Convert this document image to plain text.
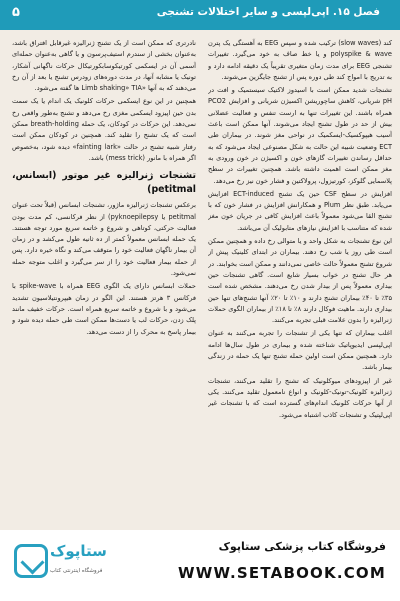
فصل ۱۵. اپی‌لپسی و سایر اختلالات تشنجی
۵

کند (slow waves) ترکیب شده و سپس EEG به آهستگی یک پترن polyspike & wave و یا خط صاف به خود می‌گیرد. تغییرات تشنجی EEG برای مدت زمان متغیری تقریباً یک دقیقه ادامه دارد و به تدریج با امواج کند طی دوره پس از تشنج جایگزین می‌شوند.

تشنجات شدید ممکن است با اسیدوز لاکتیک سیستمیک و افت در pH شریانی، کاهش ساچوریشن اکسیژن شریانی و افزایش PCO2 همراه باشند. این تغییرات تنها به ارست تنفس و فعالیت عضلانی بیش از حد در طول تشنج ایجاد می‌شوند. آنها ممکن است باعث آسیب هیپوکسیک-ایسکمیک در نواحی مغز شوند. در بیماران طی ECT وضعیت شبیه این حالت به شکل مصنوعی ایجاد می‌شود که به حداقل رساندن تغییرات گازهای خون و اکسیژن در خون ورودی به مغز ممکن است اهمیت داشته باشد. همچنین تغییرات در سطح پلاسمایی گلوکز، کورتیزول، پرولاکتین و فشار خون نیز رخ می‌دهد.

افزایش در سطح CSF حین یک تشنج ECT-induced افزایش می‌یابد. طبق نظر Plum و همکارانش افزایش در فشار خون که با تشنج القا می‌شود معمولاً باعث افزایش کافی در جریان خون مغز شده که متناسب با افزایش نیازهای متابولیک آن می‌باشد.

این نوع تشنجات به شکل واحد و یا متوالی رخ داده و همچنین ممکن است طی روز یا شب رخ دهند. بیماران در ابتدای کلینیک پیش از شروع تشنج معمولاً حالت خاصی نمی‌دانند و ممکن است بخوابند. در هر حال تشنج در خواب بسیار شایع است. گاهی تشنجات حین بیداری معمولاً پس از بیدار شدن رخ می‌دهند. مشخص شده است ۳۵٪ تا ۴۰٪ بیماران تشنج دارند و ۱۰٪ تا ۲۰٪ آنها تشنج‌های تنها حین بیداری دارند. ماهیت فوکال دارند ۸٪ تا ۱۸٪ از بیماران الگوی حملات ژنرالیزه را بدون علامت قبلی تجربه می‌کنند.

اغلب بیماران که تنها یکی از تشنجات را تجربه می‌کنند به عنوان اپی‌لپسی ایدیوپاتیک شناخته شده و بیماری در طول سال‌ها ادامه دارد. همچنین ممکن است اولین حمله تشنج تنها یک حمله در زندگی بیمار باشد.

غیر از اپیزودهای میوکلونیک که تشنج را تقلید می‌کنند، تشنجات ژنرالیزه کلونیک-تونیک-کلونیک و انواع نامعمول تقلید می‌کنند. یکی از آنها حرکات کلونیک اندام‌های گسترده است که با تشنجات غیر اپی‌لپتیک و تشنجات کاذب اشتباه می‌شود.

نادرتری که ممکن است از یک تشنج ژنرالیزه غیرقابل افتراق باشد، به‌عنوان بخشی از سندرم استیف‌پرسون و یا گاهی به‌عنوان حمله‌ای آسمی آن در ایسکمی کورتیکوسابکورتیکال حرکات ناگهانی آشکار، تونیک یا مشابه آنها، در مدت دوره‌های زودرس تشنج یا بعد از آن رخ می‌دهند که به آنها «Limb shaking» TIA ها گفته می‌شود.

همچنین در این نوع ایسکمی حرکات کلونیک یک اندام یا یک سمت بدن حین اپیزود ایسکمی مغزی رخ می‌دهد و تشنج به‌طور واقعی رخ نمی‌دهد. این حرکات در کودکان، یک حمله breath-holding ممکن است که یک تشنج را تقلید کند. همچنین در کودکان ممکن است رفتار شبیه تشنج در حالت «fainting lark» دیده شود، به‌خصوص اگر همراه با مانور (mess trick) باشد.

تشنجات ژنرالیزه غیر موتور (ابسانس، petitmal)

برعکس تشنجات ژنرالیزه ماژور، تشنجات ابسانس (قبلاً تحت عنوان petitmal یا pyknoepilepsy) از نظر فرکانسی، کم مدت بودن فعالیت حرکتی، کوتاهی و شروع و خاتمه سریع مورد توجه هستند. یک حمله ابسانس معمولاً کمتر از ده ثانیه طول می‌کشد و در زمان آن بیمار ناگهان فعالیت خود را متوقف می‌کند و نگاه خیره دارد. پس از حمله بیمار فعالیت خود را از سر می‌گیرد و اغلب متوجه حمله نمی‌شود.

حملات ابسانس دارای یک الگوی EEG همراه با spike-wave با فرکانس ۳ هرتز هستند. این الگو در زمان هیپرونتیلاسیون تشدید می‌شود و با شروع و خاتمه سریع همراه است. حرکات خفیف مانند پلک زدن، حرکات لب یا دست‌ها ممکن است طی حمله دیده شود و بیمار پاسخ به محرک را از دست می‌دهد.

ستاپوک
فروشگاه اینترنتی کتاب
فروشگاه کتاب پزشکی ستاپوک
WWW.SETABOOK.COM
